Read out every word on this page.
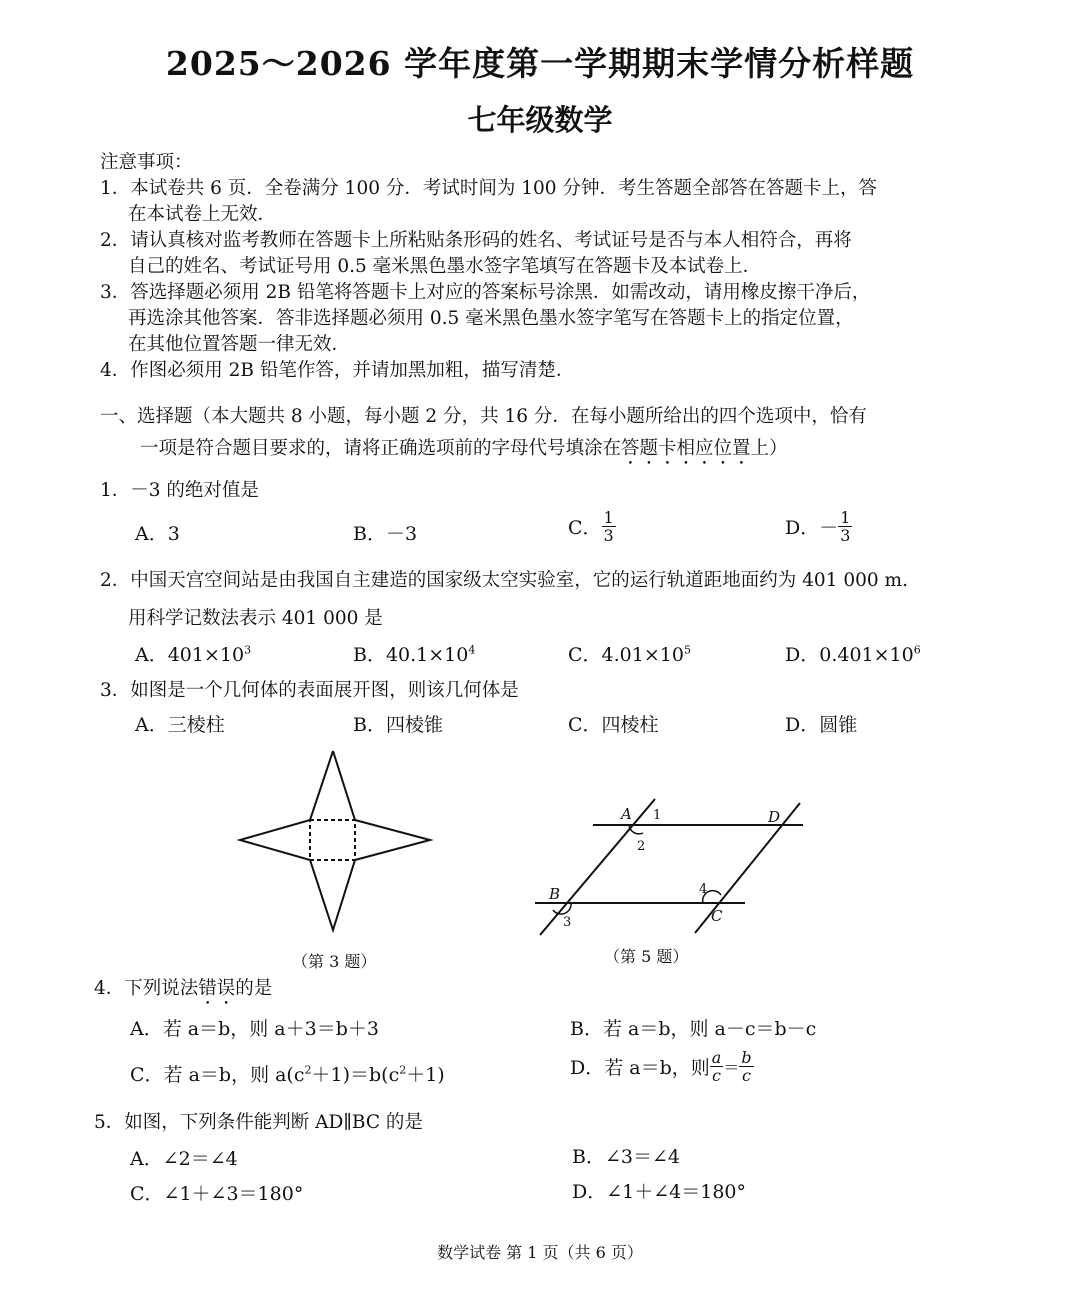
2025～2026 学年度第一学期期末学情分析样题
七年级数学
注意事项：
1．本试卷共 6 页．全卷满分 100 分．考试时间为 100 分钟．考生答题全部答在答题卡上，答
在本试卷上无效．
2．请认真核对监考教师在答题卡上所粘贴条形码的姓名、考试证号是否与本人相符合，再将
自己的姓名、考试证号用 0.5 毫米黑色墨水签字笔填写在答题卡及本试卷上．
3．答选择题必须用 2B 铅笔将答题卡上对应的答案标号涂黑．如需改动，请用橡皮擦干净后，
再选涂其他答案．答非选择题必须用 0.5 毫米黑色墨水签字笔写在答题卡上的指定位置，
在其他位置答题一律无效．
4．作图必须用 2B 铅笔作答，并请加黑加粗，描写清楚．
一、选择题（本大题共 8 小题，每小题 2 分，共 16 分．在每小题所给出的四个选项中，恰有
一项是符合题目要求的，请将正确选项前的字母代号填涂在答题卡相应位置上）
1．－3 的绝对值是
A．3	B．－3	C． $\frac{1}{3}$	D．－ $\frac{1}{3}$
2．中国天宫空间站是由我国自主建造的国家级太空实验室，它的运行轨道距地面约为 401 000 m.
用科学记数法表示 401 000 是
A．$401\times 10^3$	B．$40.1\times 10^4$	C．$4.01\times 10^5$	D．$0.401\times 10^6$
3．如图是一个几何体的表面展开图，则该几何体是
A．三棱柱	B．四棱锥	C．四棱柱	D．圆锥
（第 3 题）
A	D
B
C
1
2
3
4
（第 5 题）
4．下列说法错误的是
A．若 a＝b，则 a＋3＝b＋3	B．若 a＝b，则 a－c＝b－c
C．若 a＝b，则 $a(c^2+1)=b(c^2+1)$	D．若 a＝b，则 $\frac{a}{c} = \frac{b}{c}$
5．如图，下列条件能判断 AD∥BC 的是
A．∠2＝∠4	B．∠3＝∠4
C．∠1＋∠3＝180°	D．∠1＋∠4＝180°
数学试卷 第 1 页（共 6 页）
